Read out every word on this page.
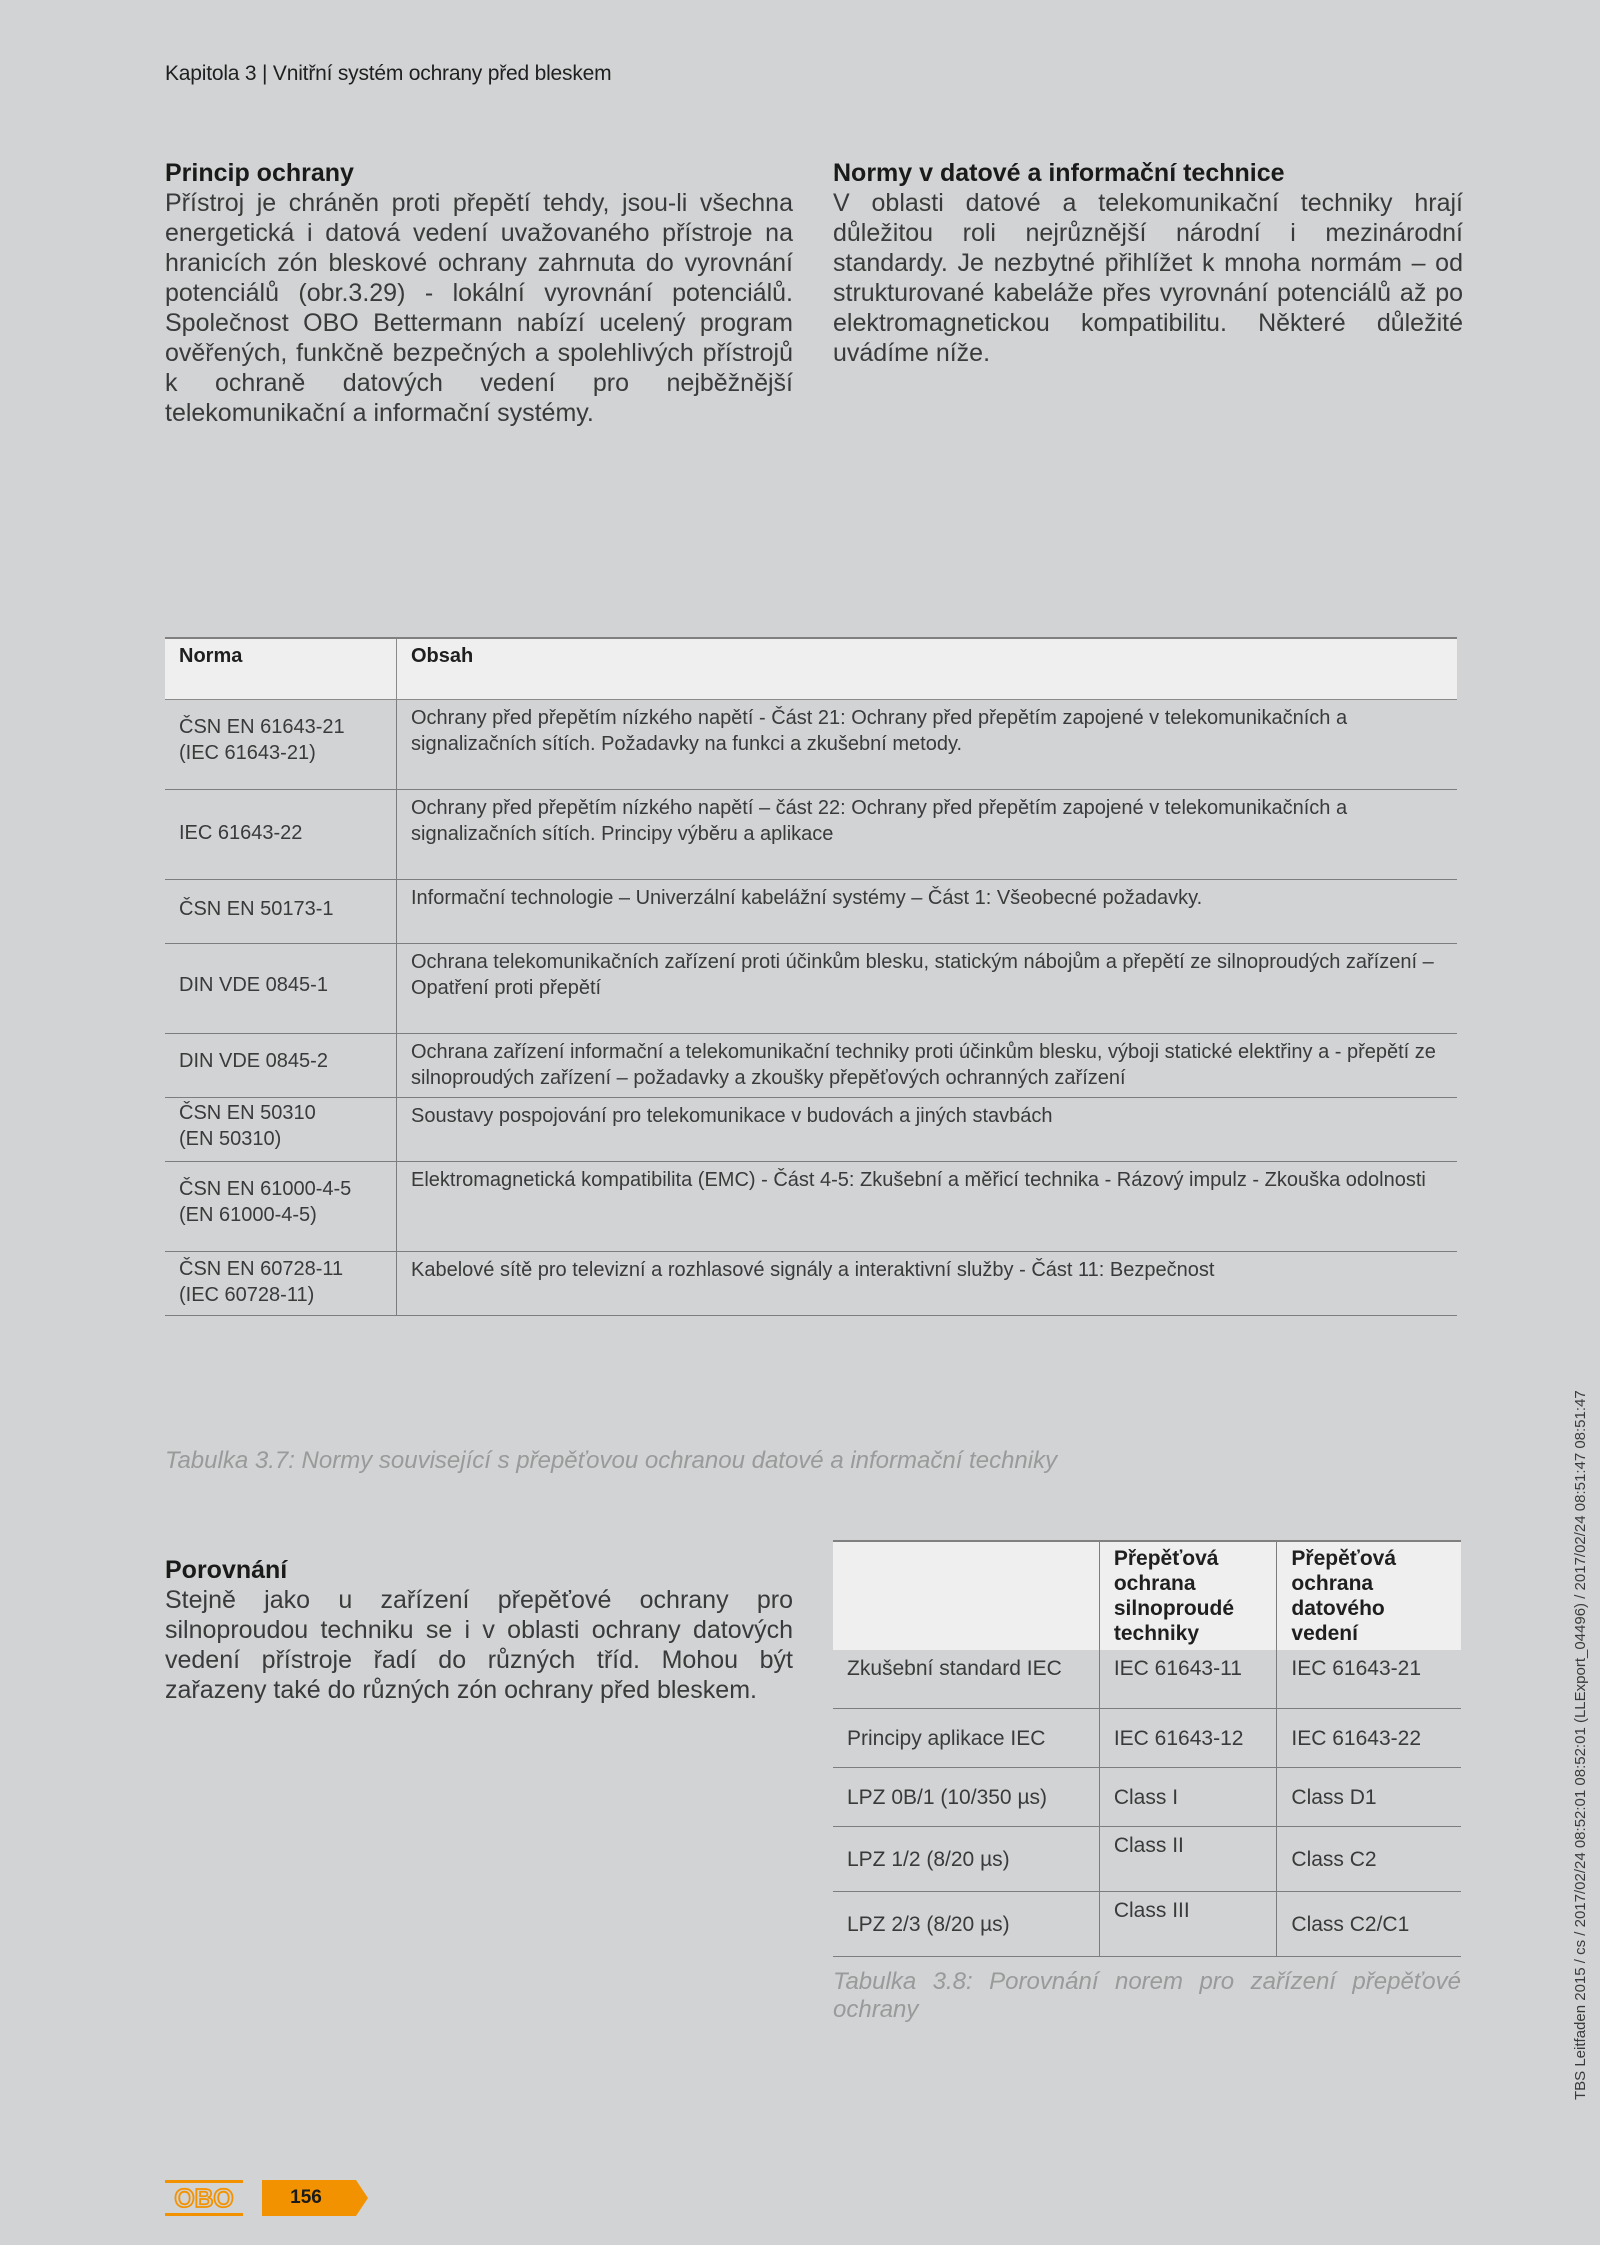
Kapitola 3 | Vnitřní systém ochrany před bleskem
Princip ochrany
Přístroj je chráněn proti přepětí tehdy, jsou-li všechna energetická i datová vedení uvažovaného přístroje na hranicích zón bleskové ochrany zahrnuta do vyrovnání potenciálů (obr.3.29) - lokální vyrovnání potenciálů. Společnost OBO Bettermann nabízí ucelený program ověřených, funkčně bezpečných a spolehlivých přístrojů k ochraně datových vedení pro nejběžnější telekomunikační a informační systémy.
Normy v datové a informační technice
V oblasti datové a telekomunikační techniky hrají důležitou roli nejrůznější národní i mezinárodní standardy. Je nezbytné přihlížet k mnoha normám – od strukturované kabeláže přes vyrovnání potenciálů až po elektromagnetickou kompatibilitu. Některé důležité uvádíme níže.
Norma	Obsah

ČSN EN 61643-21
(IEC 61643-21)	Ochrany před přepětím nízkého napětí - Část 21: Ochrany před přepětím zapojené v telekomunikačních a signalizačních sítích. Požadavky na funkci a zkušební metody.

IEC 61643-22	Ochrany před přepětím nízkého napětí – část 22: Ochrany před přepětím zapojené v telekomunikačních a signalizačních sítích. Principy výběru a aplikace

ČSN EN 50173-1	Informační technologie – Univerzální kabelážní systémy – Část 1: Všeobecné požadavky.

DIN VDE 0845-1	Ochrana telekomunikačních zařízení proti účinkům blesku, statickým nábojům a přepětí ze silnoproudých zařízení – Opatření proti přepětí

DIN VDE 0845-2	Ochrana zařízení informační a telekomunikační techniky proti účinkům blesku, výboji statické elektřiny a - přepětí ze silnoproudých zařízení – požadavky a zkoušky přepěťových ochranných zařízení

ČSN EN 50310
(EN 50310)	Soustavy pospojování pro telekomunikace v budovách a jiných stavbách

ČSN EN 61000-4-5
(EN 61000-4-5)	Elektromagnetická kompatibilita (EMC) - Část 4-5: Zkušební a měřicí technika - Rázový impulz - Zkouška odolnosti

ČSN EN 60728-11
(IEC 60728-11)	Kabelové sítě pro televizní a rozhlasové signály a interaktivní služby - Část 11: Bezpečnost
Tabulka 3.7: Normy související s přepěťovou ochranou datové a informační techniky
Porovnání
Stejně jako u zařízení přepěťové ochrany pro silnoproudou techniku se i v oblasti ochrany datových vedení přístroje řadí do různých tříd. Mohou být zařazeny také do různých zón ochrany před bleskem.
	Přepěťová ochrana silnoproudé techniky	Přepěťová ochrana datového vedení
Zkušební standard IEC	IEC 61643-11	IEC 61643-21
Principy aplikace IEC	IEC 61643-12	IEC 61643-22
LPZ 0B/1 (10/350 µs)	Class I	Class D1
LPZ 1/2 (8/20 µs)	Class II	Class C2
LPZ 2/3 (8/20 µs)	Class III	Class C2/C1
Tabulka 3.8: Porovnání norem pro zařízení přepěťové ochrany	TBS Leitfaden 2015 / cs / 2017/02/24 08:52:01 08:52:01 (LLExport_04496) / 2017/02/24 08:51:47 08:51:47
OBO	156
